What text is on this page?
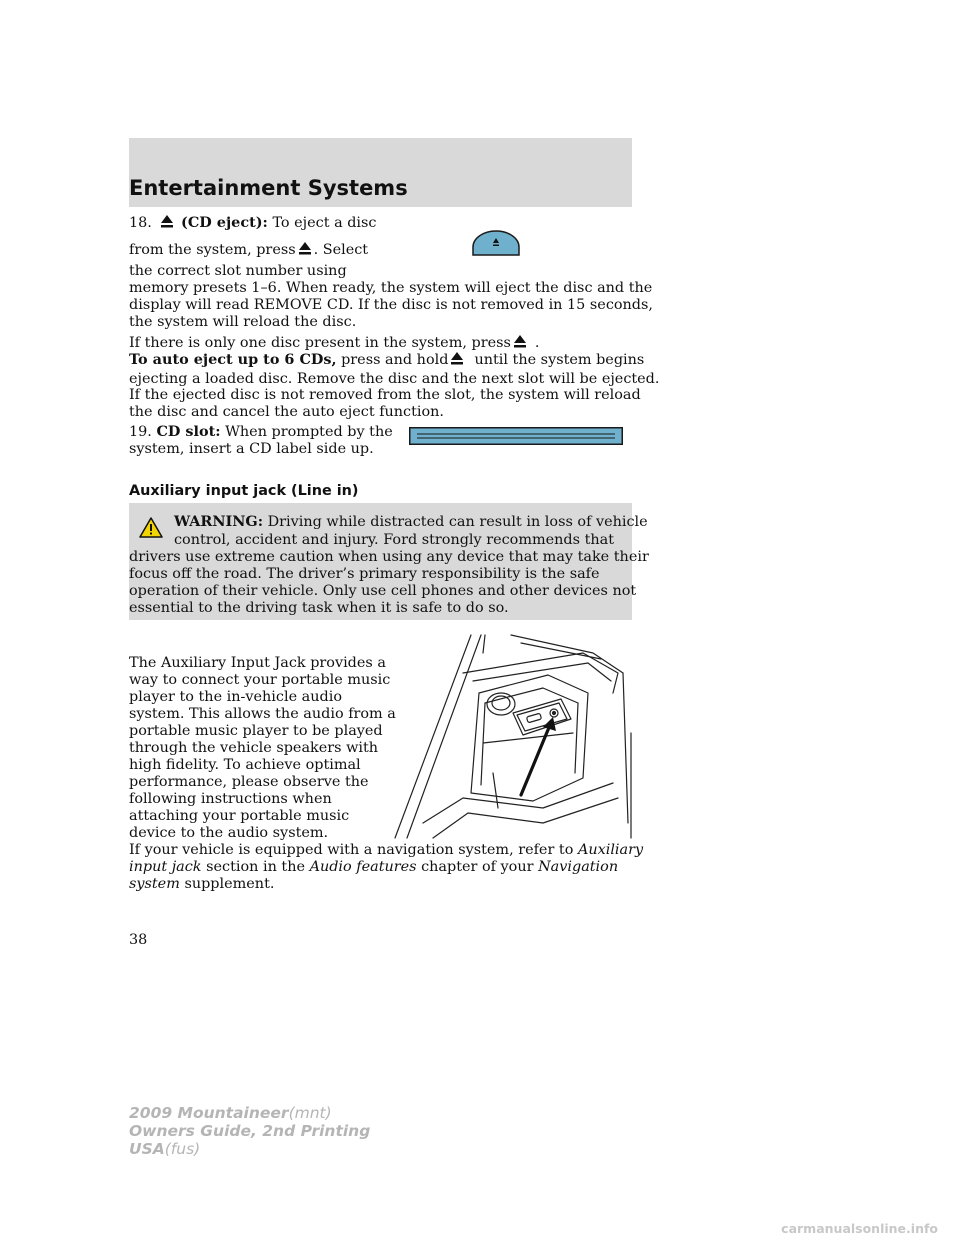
Entertainment Systems
18. (CD eject): To eject a disc
from the system, press . Select
the correct slot number using
memory presets 1–6. When ready, the system will eject the disc and the
display will read REMOVE CD. If the disc is not removed in 15 seconds,
the system will reload the disc.
If there is only one disc present in the system, press .
To auto eject up to 6 CDs, press and hold until the system begins
ejecting a loaded disc. Remove the disc and the next slot will be ejected.
If the ejected disc is not removed from the slot, the system will reload
the disc and cancel the auto eject function.
19. CD slot: When prompted by the
system, insert a CD label side up.
Auxiliary input jack (Line in)
WARNING: Driving while distracted can result in loss of vehicle
control, accident and injury. Ford strongly recommends that
drivers use extreme caution when using any device that may take their
focus off the road. The driver’s primary responsibility is the safe
operation of their vehicle. Only use cell phones and other devices not
essential to the driving task when it is safe to do so.
The Auxiliary Input Jack provides a
way to connect your portable music
player to the in-vehicle audio
system. This allows the audio from a
portable music player to be played
through the vehicle speakers with
high fidelity. To achieve optimal
performance, please observe the
following instructions when
attaching your portable music
device to the audio system.
If your vehicle is equipped with a navigation system, refer to Auxiliary
input jack section in the Audio features chapter of your Navigation
system supplement.
38
2009 Mountaineer(mnt)
Owners Guide, 2nd Printing
USA(fus)
carmanualsonline.info
